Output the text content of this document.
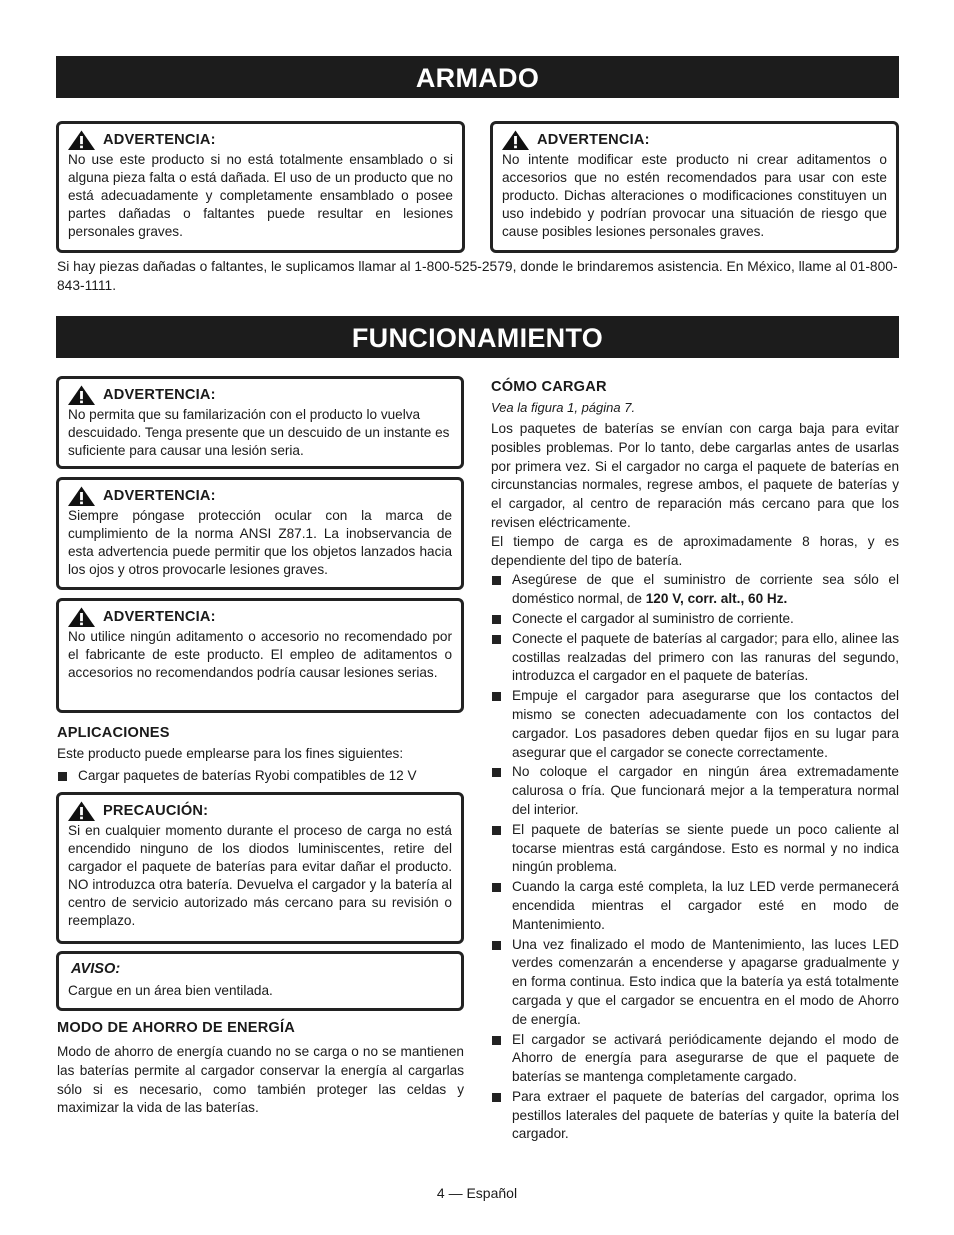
ARMADO
ADVERTENCIA:
No use este producto si no está totalmente ensamblado o si alguna pieza falta o está dañada. El uso de un producto que no está adecuadamente y completamente ensamblado o posee partes dañadas o faltantes puede resultar en lesiones personales graves.
ADVERTENCIA:
No intente modificar este producto ni crear aditamentos o accesorios que no estén recomendados para usar con este producto. Dichas alteraciones o modificaciones constituyen un uso indebido y podrían provocar una situación de riesgo que cause posibles lesiones personales graves.
Si hay piezas dañadas o faltantes, le suplicamos llamar al 1-800-525-2579, donde le brindaremos asistencia. En México, llame al 01-800-843-1111.
FUNCIONAMIENTO
ADVERTENCIA:
No permita que su familarización con el producto lo vuelva descuidado. Tenga presente que un descuido de un instante es suficiente para causar una lesión seria.
ADVERTENCIA:
Siempre póngase protección ocular con la marca de cumplimiento de la norma ANSI Z87.1. La inobservancia de esta advertencia puede permitir que los objetos lanzados hacia los ojos y otros provocarle lesiones graves.
ADVERTENCIA:
No utilice ningún aditamento o accesorio no recomendado por el fabricante de este producto. El empleo de aditamentos o accesorios no recomendandos podría causar lesiones serias.
APLICACIONES
Este producto puede emplearse para los fines siguientes:
Cargar paquetes de baterías Ryobi compatibles de 12 V
PRECAUCIÓN:
Si en cualquier momento durante el proceso de carga no está encendido ninguno de los diodos luminiscentes, retire del cargador el paquete de baterías para evitar dañar el producto. NO introduzca otra batería. Devuelva el cargador y la batería al centro de servicio autorizado más cercano para su revisión o reemplazo.
AVISO:
Cargue en un área bien ventilada.
MODO DE AHORRO DE ENERGÍA
Modo de ahorro de energía cuando no se carga o no se mantienen las baterías permite al cargador conservar la energía al cargarlas sólo si es necesario, como también proteger las celdas y maximizar la vida de las baterías.
CÓMO CARGAR
Vea la figura 1, página 7.
Los paquetes de baterías se envían con carga baja para evitar posibles problemas. Por lo tanto, debe cargarlas antes de usarlas por primera vez. Si el cargador no carga el paquete de baterías en circunstancias normales, regrese ambos, el paquete de baterías y el cargador, al centro de reparación más cercano para que los revisen eléctricamente.
El tiempo de carga es de aproximadamente 8 horas, y es dependiente del tipo de batería.
Asegúrese de que el suministro de corriente sea sólo el doméstico normal, de 120 V, corr. alt., 60 Hz.
Conecte el cargador al suministro de corriente.
Conecte el paquete de baterías al cargador; para ello, alinee las costillas realzadas del primero con las ranuras del segundo, introduzca el cargador en el paquete de baterías.
Empuje el cargador para asegurarse que los contactos del mismo se conecten adecuadamente con los contactos del cargador. Los pasadores deben quedar fijos en su lugar para asegurar que el cargador se conecte correctamente.
No coloque el cargador en ningún área extremadamente calurosa o fría. Que funcionará mejor a la temperatura normal del interior.
El paquete de baterías se siente puede un poco caliente al tocarse mientras está cargándose. Esto es normal y no indica ningún problema.
Cuando la carga esté completa, la luz LED verde permanecerá encendida mientras el cargador esté en modo de Mantenimiento.
Una vez finalizado el modo de Mantenimiento, las luces LED verdes comenzarán a encenderse y apagarse gradualmente y en forma continua. Esto indica que la batería ya está totalmente cargada y que el cargador se encuentra en el modo de Ahorro de energía.
El cargador se activará periódicamente dejando el modo de Ahorro de energía para asegurarse de que el paquete de baterías se mantenga completamente cargado.
Para extraer el paquete de baterías del cargador, oprima los pestillos laterales del paquete de baterías y quite la batería del cargador.
4 — Español
